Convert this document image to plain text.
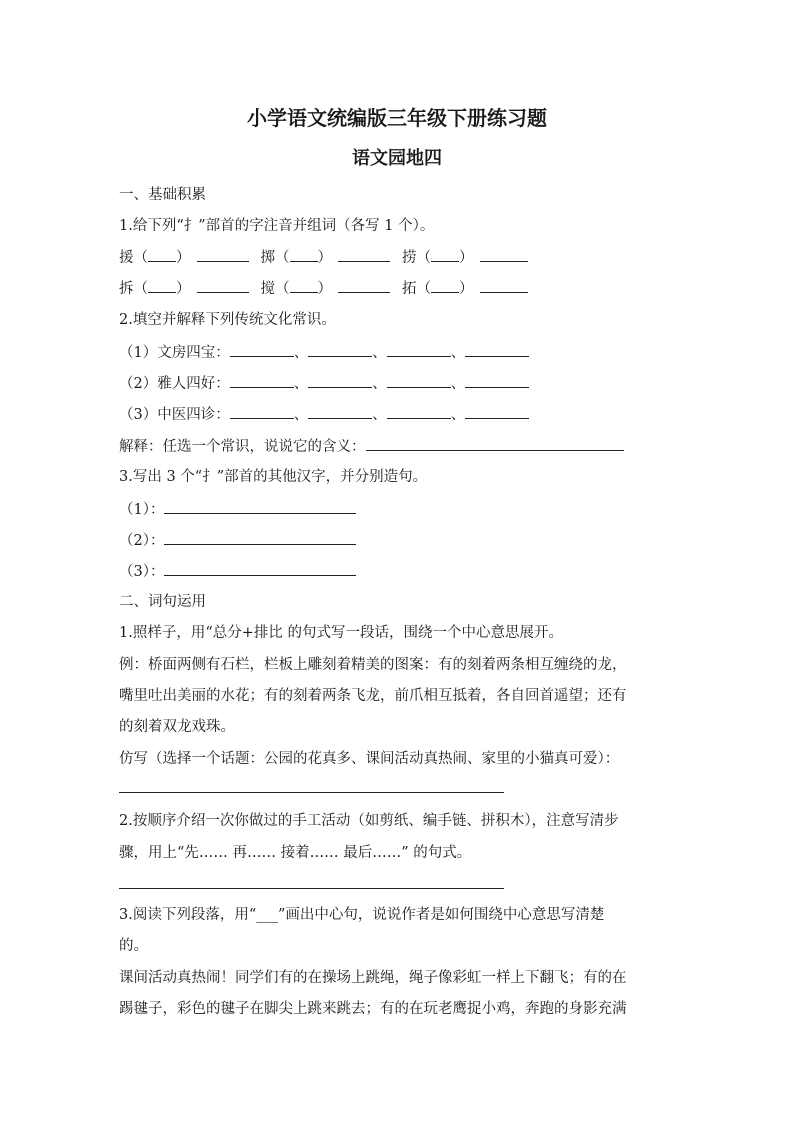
小学语文统编版三年级下册练习题
语文园地四
一、基础积累
1.给下列“扌”部首的字注音并组词（各写 1 个）。
援（ ）	掷（ ）	捞（ ）
拆（ ）	搅（ ）	拓（ ）
2.填空并解释下列传统文化常识。
（1）文房四宝：	、	、	、
（2）雅人四好：	、	、	、
（3）中医四诊：	、	、	、
解释：任选一个常识，说说它的含义：
3.写出 3 个“扌”部首的其他汉字，并分别造句。
（1）：
（2）：
（3）：
二、词句运用
1.照样子，用“总分+排比 的句式写一段话，围绕一个中心意思展开。
例：桥面两侧有石栏，栏板上雕刻着精美的图案：有的刻着两条相互缠绕的龙，
嘴里吐出美丽的水花；有的刻着两条飞龙，前爪相互抵着，各自回首遥望；还有
的刻着双龙戏珠。
仿写（选择一个话题：公园的花真多、课间活动真热闹、家里的小猫真可爱）：
2.按顺序介绍一次你做过的手工活动（如剪纸、编手链、拼积木），注意写清步
骤，用上“先…… 再…… 接着…… 最后……” 的句式。
3.阅读下列段落，用“___”画出中心句，说说作者是如何围绕中心意思写清楚
的。
课间活动真热闹！同学们有的在操场上跳绳，绳子像彩虹一样上下翻飞；有的在
踢毽子，彩色的毽子在脚尖上跳来跳去；有的在玩老鹰捉小鸡，奔跑的身影充满
